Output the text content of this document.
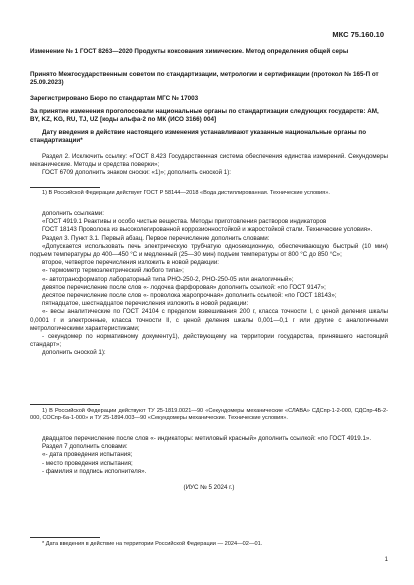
МКС 75.160.10

Изменение № 1 ГОСТ 8263—2020 Продукты коксования химические. Метод определения общей серы

Принято Межгосударственным советом по стандартизации, метрологии и сертификации (протокол № 165-П от 25.09.2023)

Зарегистрировано Бюро по стандартам МГС № 17003

За принятие изменения проголосовали национальные органы по стандартизации следующих государств: AM, BY, KZ, KG, RU, TJ, UZ [коды альфа-2 по МК (ИСО 3166) 004]

Дату введения в действие настоящего изменения устанавливают указанные национальные органы по стандартизации*

Раздел 2. Исключить ссылку: «ГОСТ 8.423 Государственная система обеспечения единства измерений. Секундомеры механические. Методы и средства поверки»;

ГОСТ 6709 дополнить знаком сноски: «1)»; дополнить сноской 1):

1) В Российской Федерации действует ГОСТ Р 58144—2018 «Вода дистиллированная. Технические условия».

дополнить ссылками:

«ГОСТ 4919.1 Реактивы и особо чистые вещества. Методы приготовления растворов индикаторов

ГОСТ 18143 Проволока из высоколегированной коррозионностойкой и жаростойкой стали. Технические условия».

Раздел 3. Пункт 3.1. Первый абзац. Первое перечисление дополнить словами:

«Допускается использовать печь электрическую трубчатую однosекционную, обеспечивающую быстрый (10 мин) подъем температуры до 400—450 °С и медленный (25—30 мин) подъем температуры от 800 °С до 850 °С»;

второе, четвертое перечисления изложить в новой редакции:

«- термометр термоэлектрический любого типа»;

«- автотрансформатор лабораторный типа РНО-250-2, РНО-250-05 или аналогичный»;

девятое перечисление после слов «- лодочка фарфоровая» дополнить ссылкой: «по ГОСТ 9147»;

десятое перечисление после слов «- проволока жаропрочная» дополнить ссылкой: «по ГОСТ 18143»;

пятнадцатое, шестнадцатое перечисления изложить в новой редакции:

«- весы аналитические по ГОСТ 24104 с пределом взвешивания 200 г, класса точности I, с ценой деления шкалы 0,0001 г и электронные, класса точности II, с ценой деления шкалы 0,001—0,1 г или другие с аналогичными метрологическими характеристиками;

- секундомер по нормативному документу1), действующему на территории государства, принявшего настоящий стандарт»;

дополнить сноской 1):

1) В Российской Федерации действуют ТУ 25-1819.0021—90 «Секундомеры механические «СЛАВА» СДСпр-1-2-000, СДСпр-4Б-2-000, СОСпр-6а-1-000» и ТУ 25-1894.003—90 «Секундомеры механические. Технические условия».

двадцатое перечисление после слов «- индикаторы: метиловый красный» дополнить ссылкой: «по ГОСТ 4919.1».

Раздел 7 дополнить словами:

«- дата проведения испытания;

- место проведения испытания;

- фамилия и подпись исполнителя».

(ИУС № 5 2024 г.)

* Дата введения в действие на территории Российской Федерации — 2024—02—01.

1
